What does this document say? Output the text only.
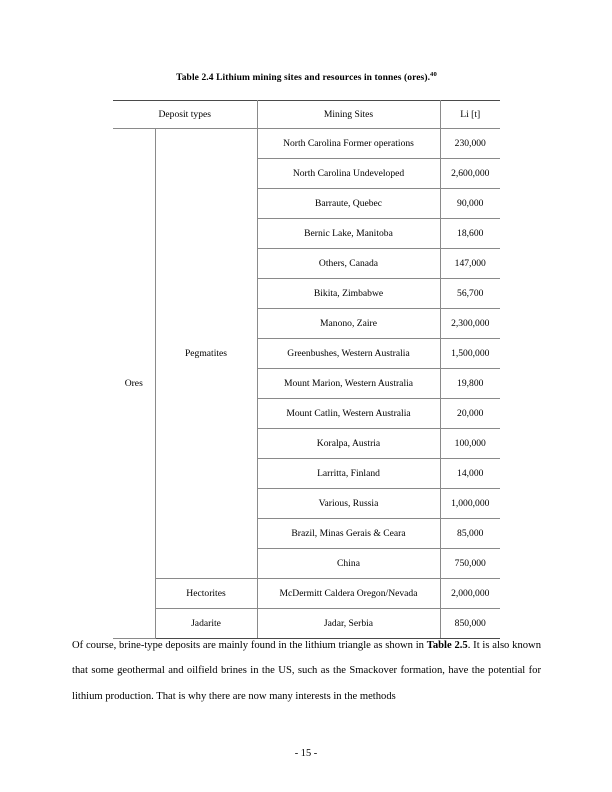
Table 2.4 Lithium mining sites and resources in tonnes (ores).$^{40}$
Deposit types		Mining Sites	Li [t]
Ores	Pegmatites	North Carolina Former operations	230,000
		North Carolina Undeveloped	2,600,000
		Barraute, Quebec	90,000
		Bernic Lake, Manitoba	18,600
		Others, Canada	147,000
		Bikita, Zimbabwe	56,700
		Manono, Zaire	2,300,000
		Greenbushes, Western Australia	1,500,000
		Mount Marion, Western Australia	19,800
		Mount Catlin, Western Australia	20,000
		Koralpa, Austria	100,000
		Larritta, Finland	14,000
		Various, Russia	1,000,000
		Brazil, Minas Gerais & Ceara	85,000
		China	750,000
	Hectorites	McDermitt Caldera Oregon/Nevada	2,000,000
	Jadarite	Jadar, Serbia	850,000

Of course, brine-type deposits are mainly found in the lithium triangle as shown in Table 2.5. It is also known that some geothermal and oilfield brines in the US, such as the Smackover formation, have the potential for lithium production. That is why there are now many interests in the methods

- 15 -
